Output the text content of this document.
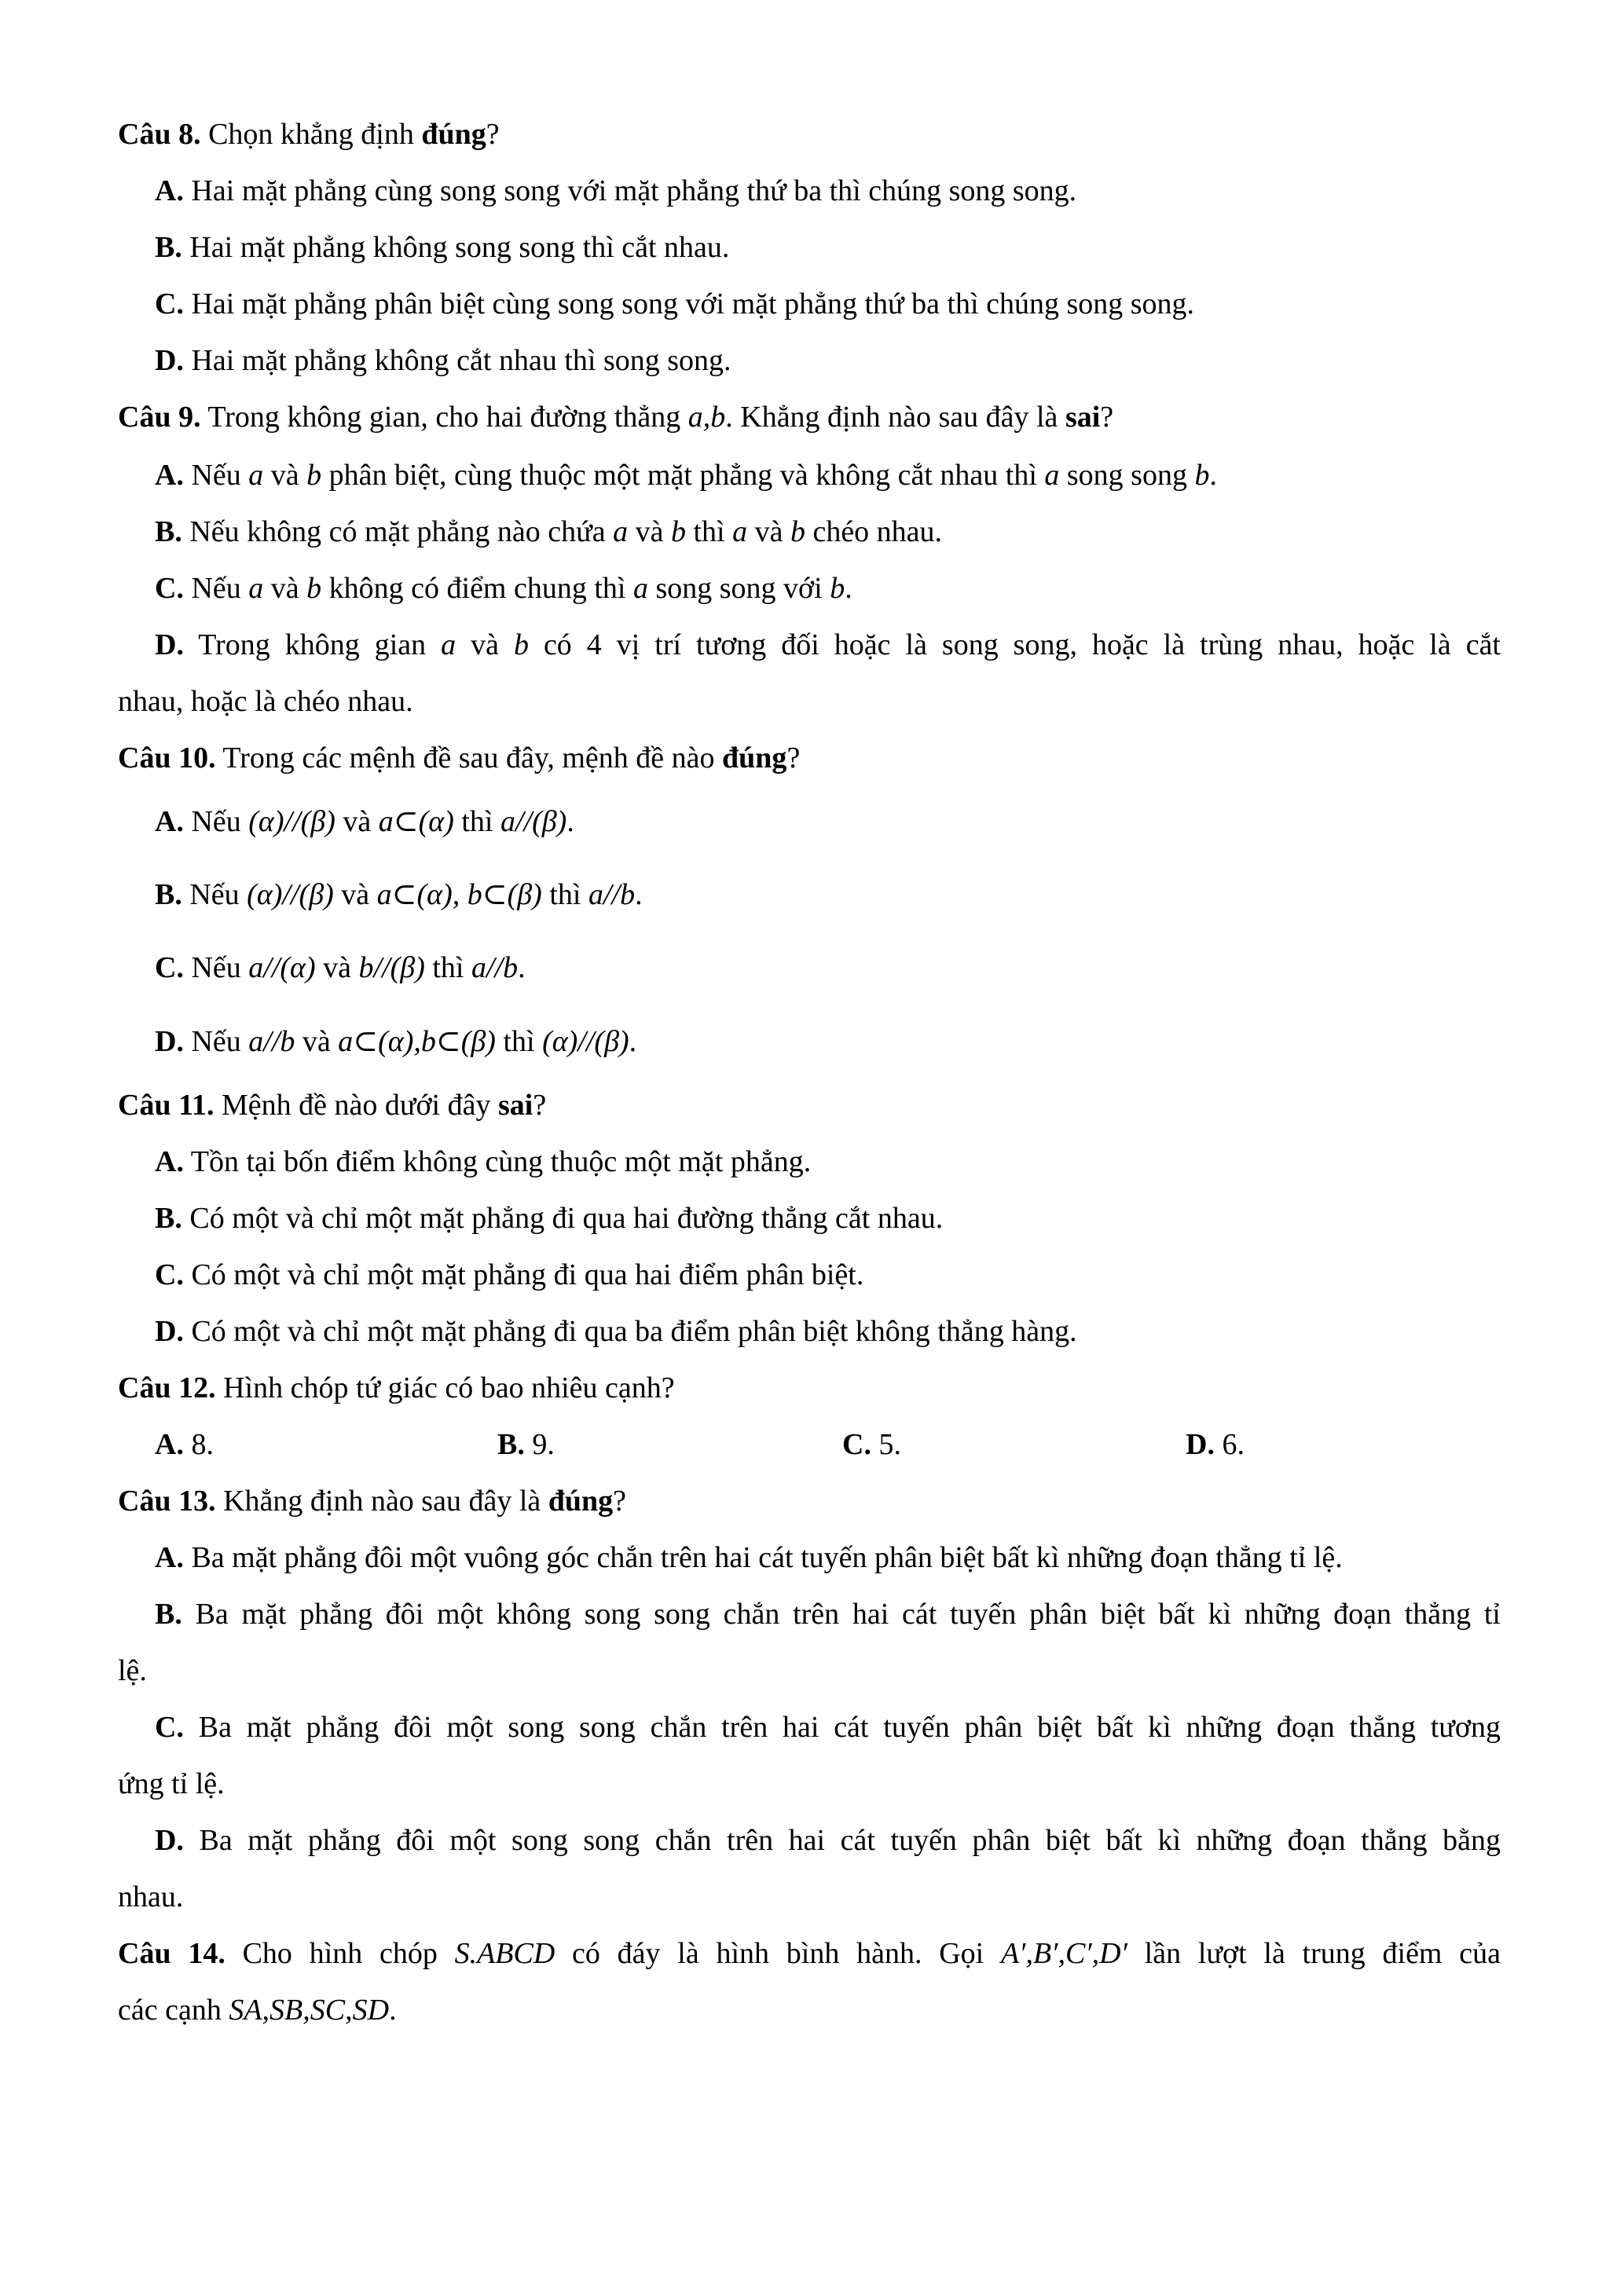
Câu 8. Chọn khẳng định đúng?
A. Hai mặt phẳng cùng song song với mặt phẳng thứ ba thì chúng song song.
B. Hai mặt phẳng không song song thì cắt nhau.
C. Hai mặt phẳng phân biệt cùng song song với mặt phẳng thứ ba thì chúng song song.
D. Hai mặt phẳng không cắt nhau thì song song.
Câu 9. Trong không gian, cho hai đường thẳng a,b. Khẳng định nào sau đây là sai?
A. Nếu a và b phân biệt, cùng thuộc một mặt phẳng và không cắt nhau thì a song song b.
B. Nếu không có mặt phẳng nào chứa a và b thì a và b chéo nhau.
C. Nếu a và b không có điểm chung thì a song song với b.
D. Trong không gian a và b có 4 vị trí tương đối hoặc là song song, hoặc là trùng nhau, hoặc là cắt
nhau, hoặc là chéo nhau.
Câu 10. Trong các mệnh đề sau đây, mệnh đề nào đúng?
A. Nếu (α)//(β) và a⊂(α) thì a//(β).
B. Nếu (α)//(β) và a⊂(α), b⊂(β) thì a//b.
C. Nếu a//(α) và b//(β) thì a//b.
D. Nếu a//b và a⊂(α),b⊂(β) thì (α)//(β).
Câu 11. Mệnh đề nào dưới đây sai?
A. Tồn tại bốn điểm không cùng thuộc một mặt phẳng.
B. Có một và chỉ một mặt phẳng đi qua hai đường thẳng cắt nhau.
C. Có một và chỉ một mặt phẳng đi qua hai điểm phân biệt.
D. Có một và chỉ một mặt phẳng đi qua ba điểm phân biệt không thẳng hàng.
Câu 12. Hình chóp tứ giác có bao nhiêu cạnh?
A. 8.	B. 9.	C. 5.	D. 6.
Câu 13. Khẳng định nào sau đây là đúng?
A. Ba mặt phẳng đôi một vuông góc chắn trên hai cát tuyến phân biệt bất kì những đoạn thẳng tỉ lệ.
B. Ba mặt phẳng đôi một không song song chắn trên hai cát tuyến phân biệt bất kì những đoạn thẳng tỉ
lệ.
C. Ba mặt phẳng đôi một song song chắn trên hai cát tuyến phân biệt bất kì những đoạn thẳng tương
ứng tỉ lệ.
D. Ba mặt phẳng đôi một song song chắn trên hai cát tuyến phân biệt bất kì những đoạn thẳng bằng
nhau.
Câu 14. Cho hình chóp S.ABCD có đáy là hình bình hành. Gọi A′,B′,C′,D′ lần lượt là trung điểm của
các cạnh SA,SB,SC,SD.
